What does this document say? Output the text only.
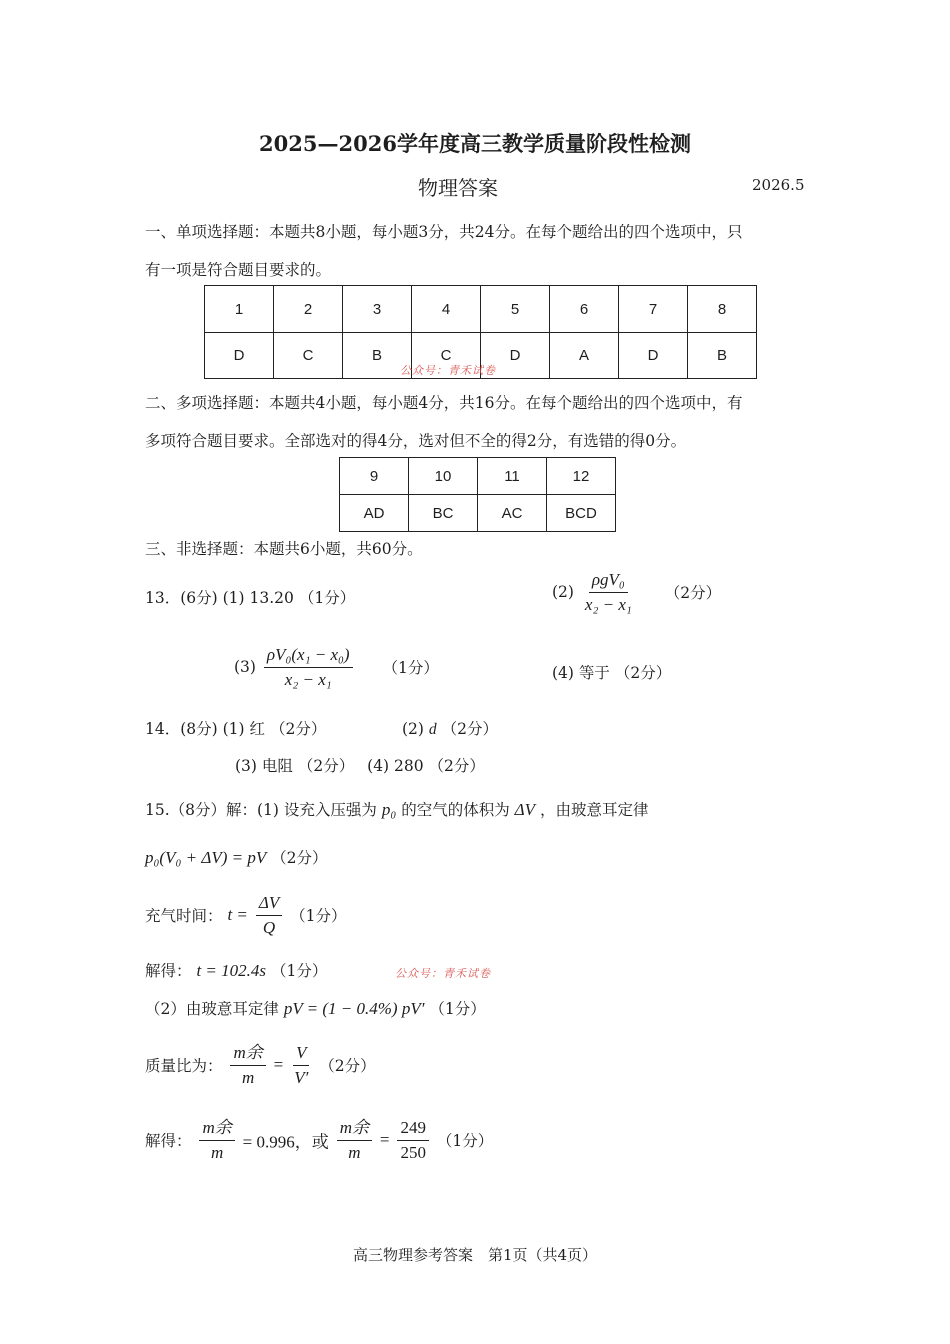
2025—2026学年度高三教学质量阶段性检测
物理答案	2026.5
一、单项选择题：本题共8小题，每小题3分，共24分。在每个题给出的四个选项中，只
有一项是符合题目要求的。
1	2	3	4	5	6	7	8
D	C	B	C	D	A	D	B
公众号：青禾试卷
二、多项选择题：本题共4小题，每小题4分，共16分。在每个题给出的四个选项中，有
多项符合题目要求。全部选对的得4分，选对但不全的得2分，有选错的得0分。
9	10	11	12
AD	BC	AC	BCD
三、非选择题：本题共6小题，共60分。
13．(6分) (1) 13.20 （1分）	$(2) \frac{\text{ρgV₀}}{\text{x₂ − x₁}} (2$分）
$(3) \frac{\text{ρV₀(x₁ − x₀)}}{\text{x₂ − x₁}} (1$分）	(4) 等于 （2分）
14．(8分) (1) 红 （2分）	(2) d （2分）
(3) 电阻 （2分） (4) 280 （2分）
15.（8分）解：(1) 设充入压强为 p₀ 的空气的体积为 ΔV ，由玻意耳定律
p₀(V₀ + ΔV) = pV （2分）
充气时间： $t = \frac{\Delta V}{Q} (1$分）
解得： t = 102.4s （1分）	公众号：青禾试卷
（2）由玻意耳定律 pV = (1 − 0.4%) pV′ （1分）
质量比为： $\frac{\text{m余}}{m} = \frac{V}{V'} (2$分）
解得： $\frac{\text{m余}}{m} = 0.996$，或 $\frac{\text{m余}}{m} = \frac{249}{250} (1$分）
高三物理参考答案　第1页（共4页）
